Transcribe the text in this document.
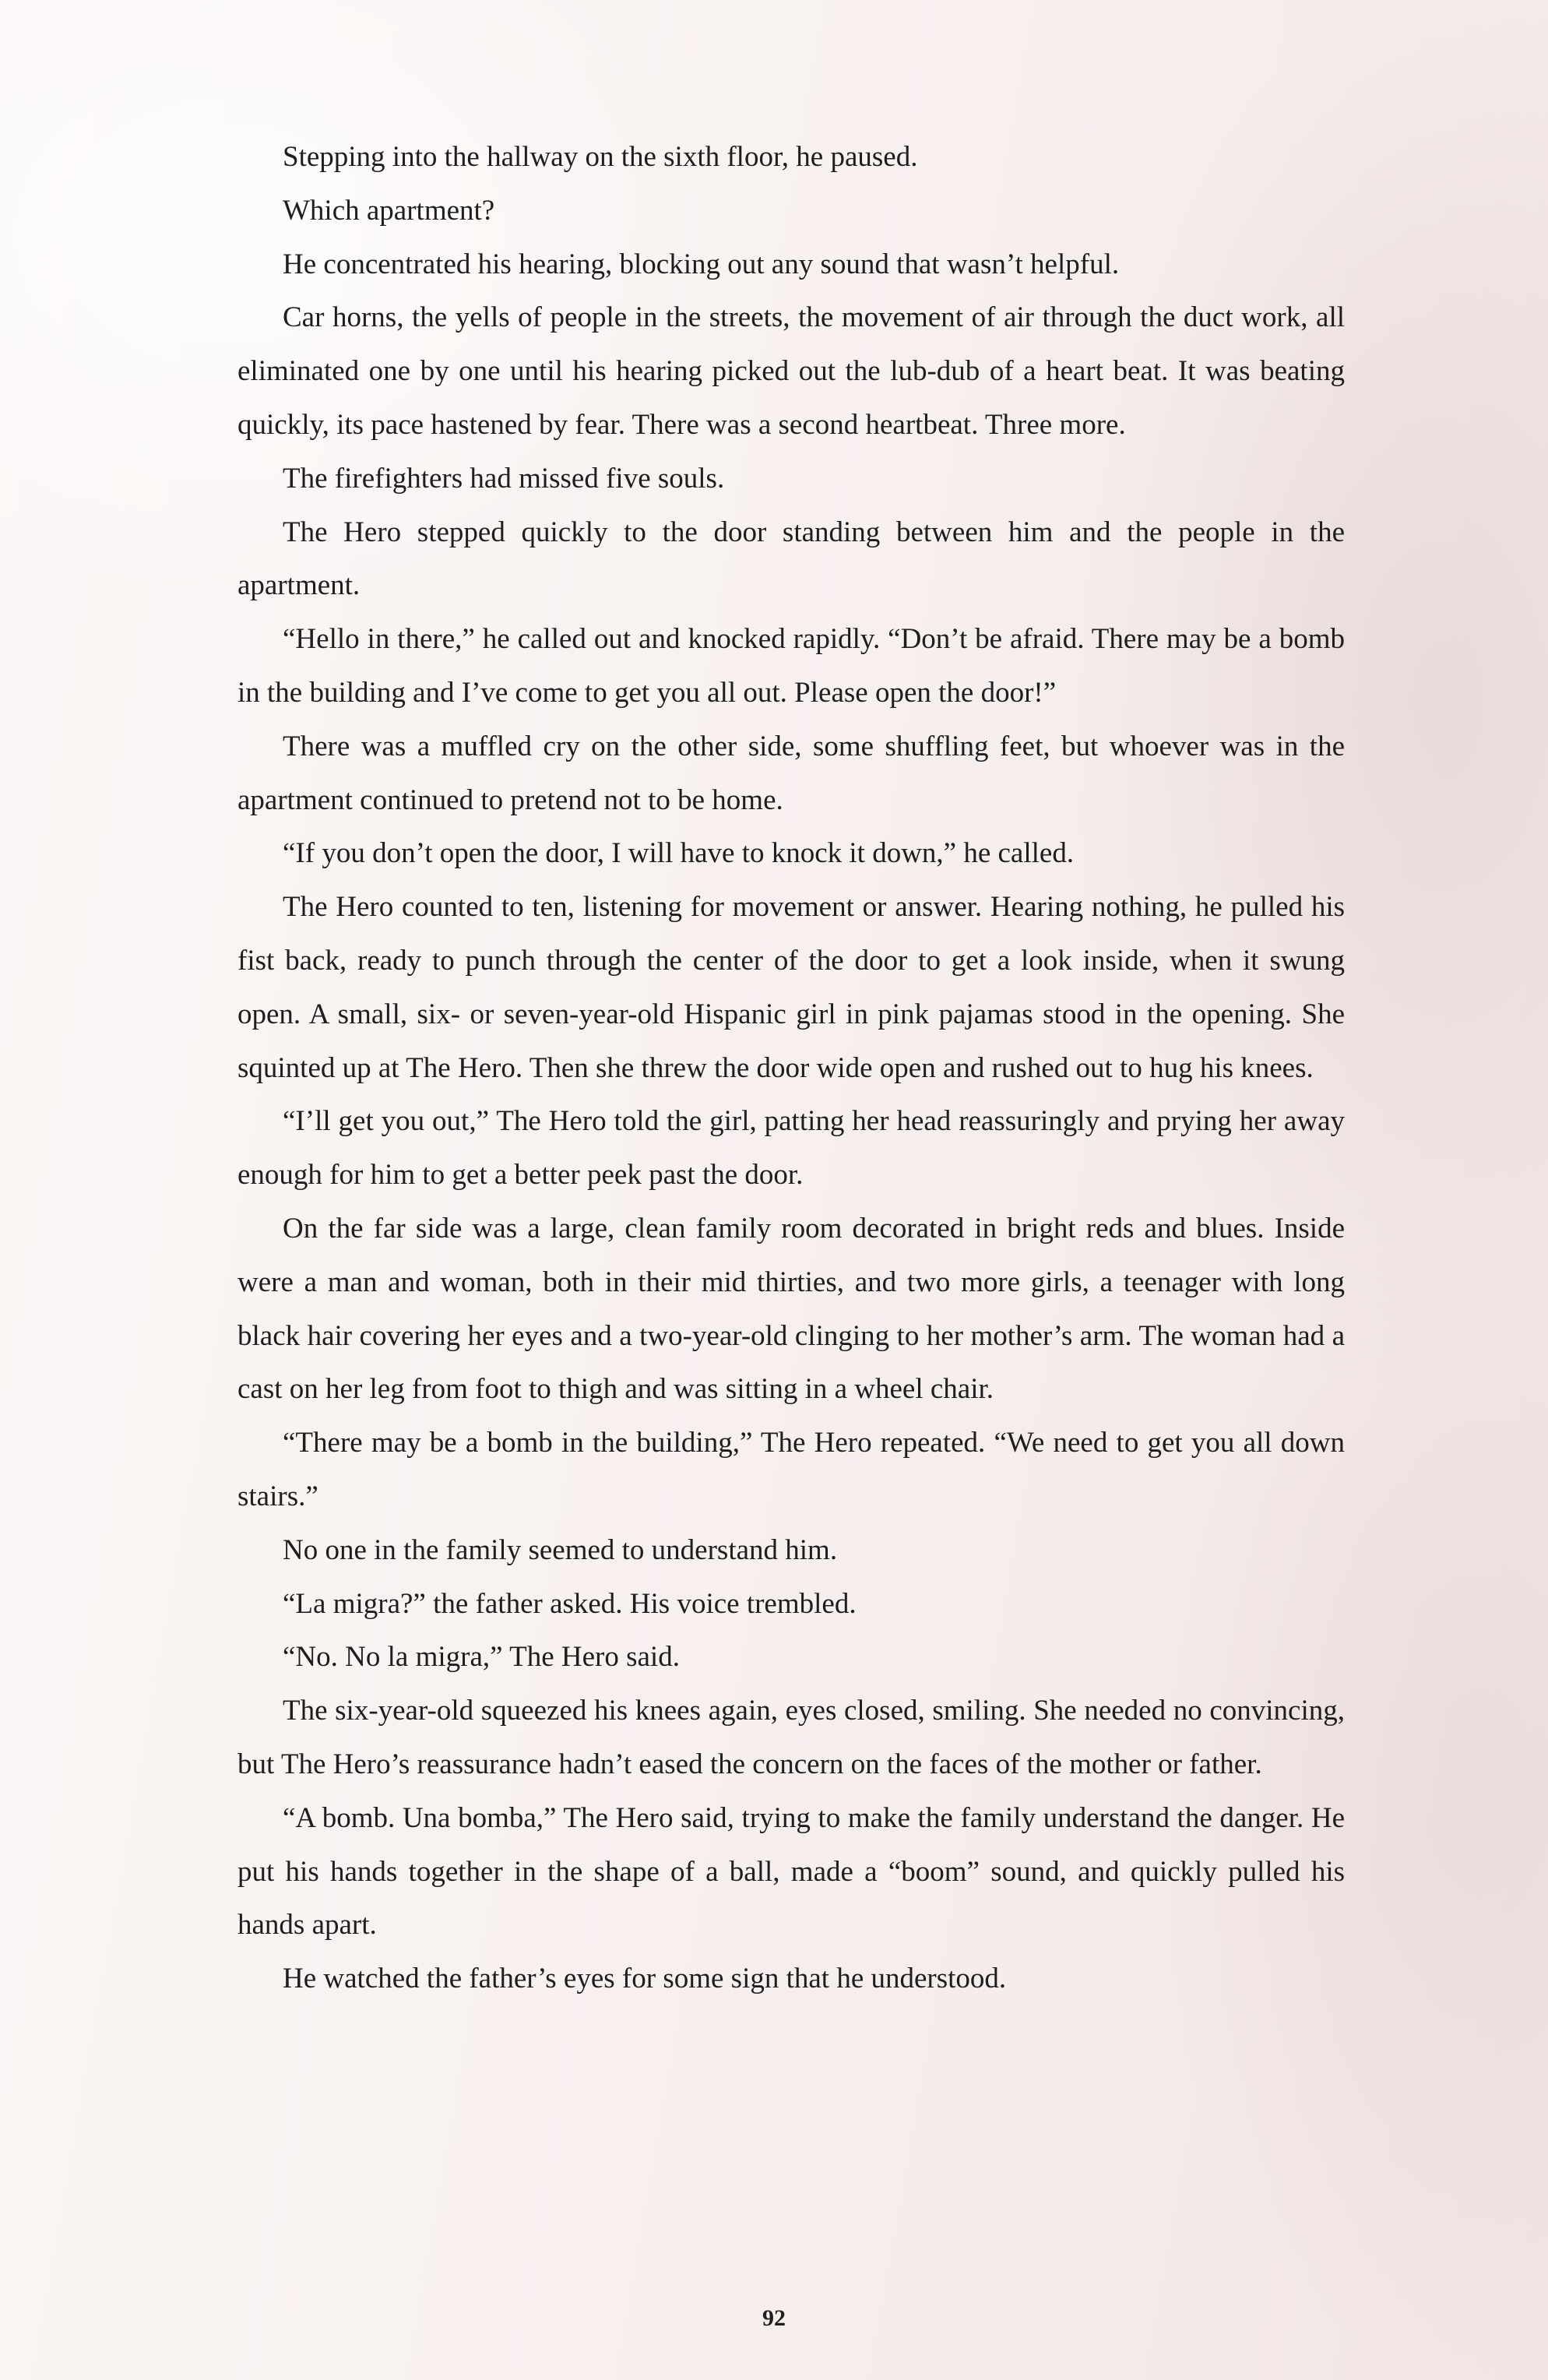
Stepping into the hallway on the sixth floor, he paused.

Which apartment?

He concentrated his hearing, blocking out any sound that wasn’t helpful.

Car horns, the yells of people in the streets, the movement of air through the duct work, all eliminated one by one until his hearing picked out the lub-dub of a heart beat. It was beating quickly, its pace hastened by fear. There was a second heartbeat. Three more.

The firefighters had missed five souls.

The Hero stepped quickly to the door standing between him and the people in the apartment.

“Hello in there,” he called out and knocked rapidly. “Don’t be afraid. There may be a bomb in the building and I’ve come to get you all out. Please open the door!”

There was a muffled cry on the other side, some shuffling feet, but whoever was in the apartment continued to pretend not to be home.

“If you don’t open the door, I will have to knock it down,” he called.

The Hero counted to ten, listening for movement or answer. Hearing nothing, he pulled his fist back, ready to punch through the center of the door to get a look inside, when it swung open. A small, six- or seven-year-old Hispanic girl in pink pajamas stood in the opening. She squinted up at The Hero. Then she threw the door wide open and rushed out to hug his knees.

“I’ll get you out,” The Hero told the girl, patting her head reassuringly and prying her away enough for him to get a better peek past the door.

On the far side was a large, clean family room decorated in bright reds and blues. Inside were a man and woman, both in their mid thirties, and two more girls, a teenager with long black hair covering her eyes and a two-year-old clinging to her mother’s arm. The woman had a cast on her leg from foot to thigh and was sitting in a wheel chair.

“There may be a bomb in the building,” The Hero repeated. “We need to get you all down stairs.”

No one in the family seemed to understand him.

“La migra?” the father asked. His voice trembled.

“No. No la migra,” The Hero said.

The six-year-old squeezed his knees again, eyes closed, smiling. She needed no convincing, but The Hero’s reassurance hadn’t eased the concern on the faces of the mother or father.

“A bomb. Una bomba,” The Hero said, trying to make the family understand the danger. He put his hands together in the shape of a ball, made a “boom” sound, and quickly pulled his hands apart.

He watched the father’s eyes for some sign that he understood.

92
